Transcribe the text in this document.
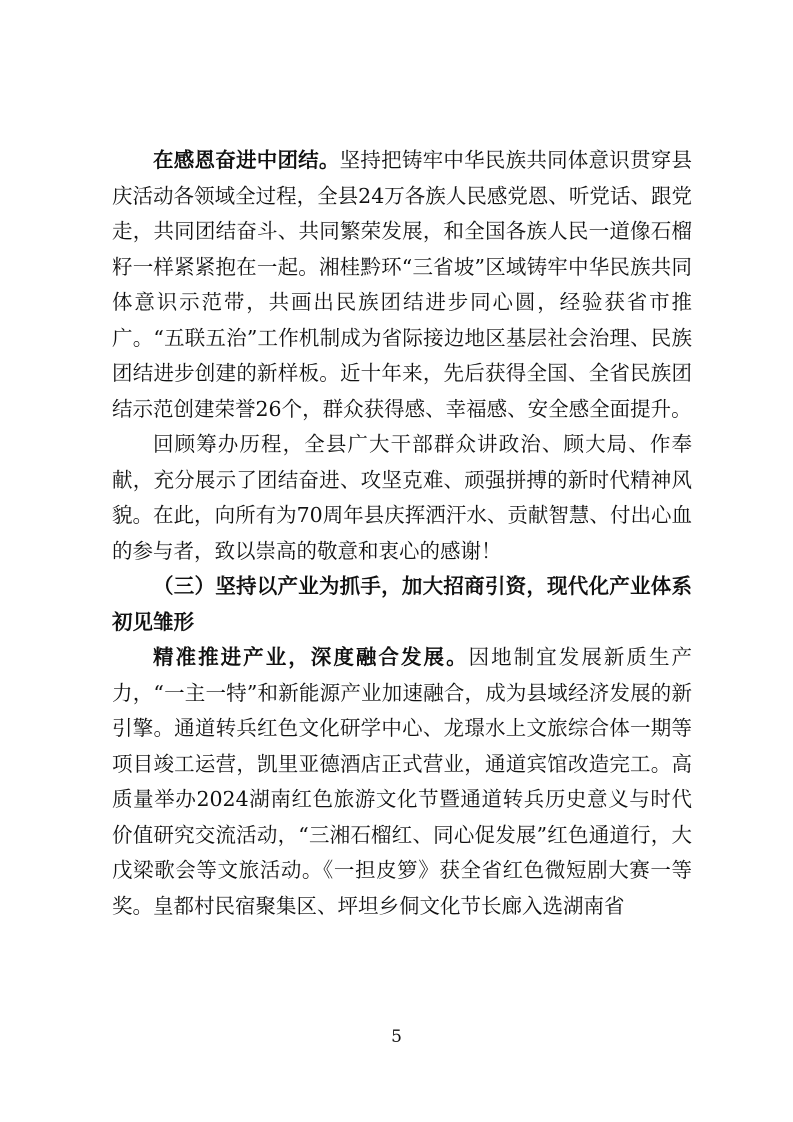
在感恩奋进中团结。坚持把铸牢中华民族共同体意识贯穿县庆活动各领域全过程，全县24万各族人民感党恩、听党话、跟党走，共同团结奋斗、共同繁荣发展，和全国各族人民一道像石榴籽一样紧紧抱在一起。湘桂黔环“三省坡”区域铸牢中华民族共同体意识示范带，共画出民族团结进步同心圆，经验获省市推广。“五联五治”工作机制成为省际接边地区基层社会治理、民族团结进步创建的新样板。近十年来，先后获得全国、全省民族团结示范创建荣誉26个，群众获得感、幸福感、安全感全面提升。

回顾筹办历程，全县广大干部群众讲政治、顾大局、作奉献，充分展示了团结奋进、攻坚克难、顽强拼搏的新时代精神风貌。在此，向所有为70周年县庆挥洒汗水、贡献智慧、付出心血的参与者，致以崇高的敬意和衷心的感谢！

（三）坚持以产业为抓手，加大招商引资，现代化产业体系初见雏形

精准推进产业，深度融合发展。因地制宜发展新质生产力，“一主一特”和新能源产业加速融合，成为县域经济发展的新引擎。通道转兵红色文化研学中心、龙璟水上文旅综合体一期等项目竣工运营，凯里亚德酒店正式营业，通道宾馆改造完工。高质量举办2024湖南红色旅游文化节暨通道转兵历史意义与时代价值研究交流活动，“三湘石榴红、同心促发展”红色通道行，大戊梁歌会等文旅活动。《一担皮箩》获全省红色微短剧大赛一等奖。皇都村民宿聚集区、坪坦乡侗文化节长廊入选湖南省

5
